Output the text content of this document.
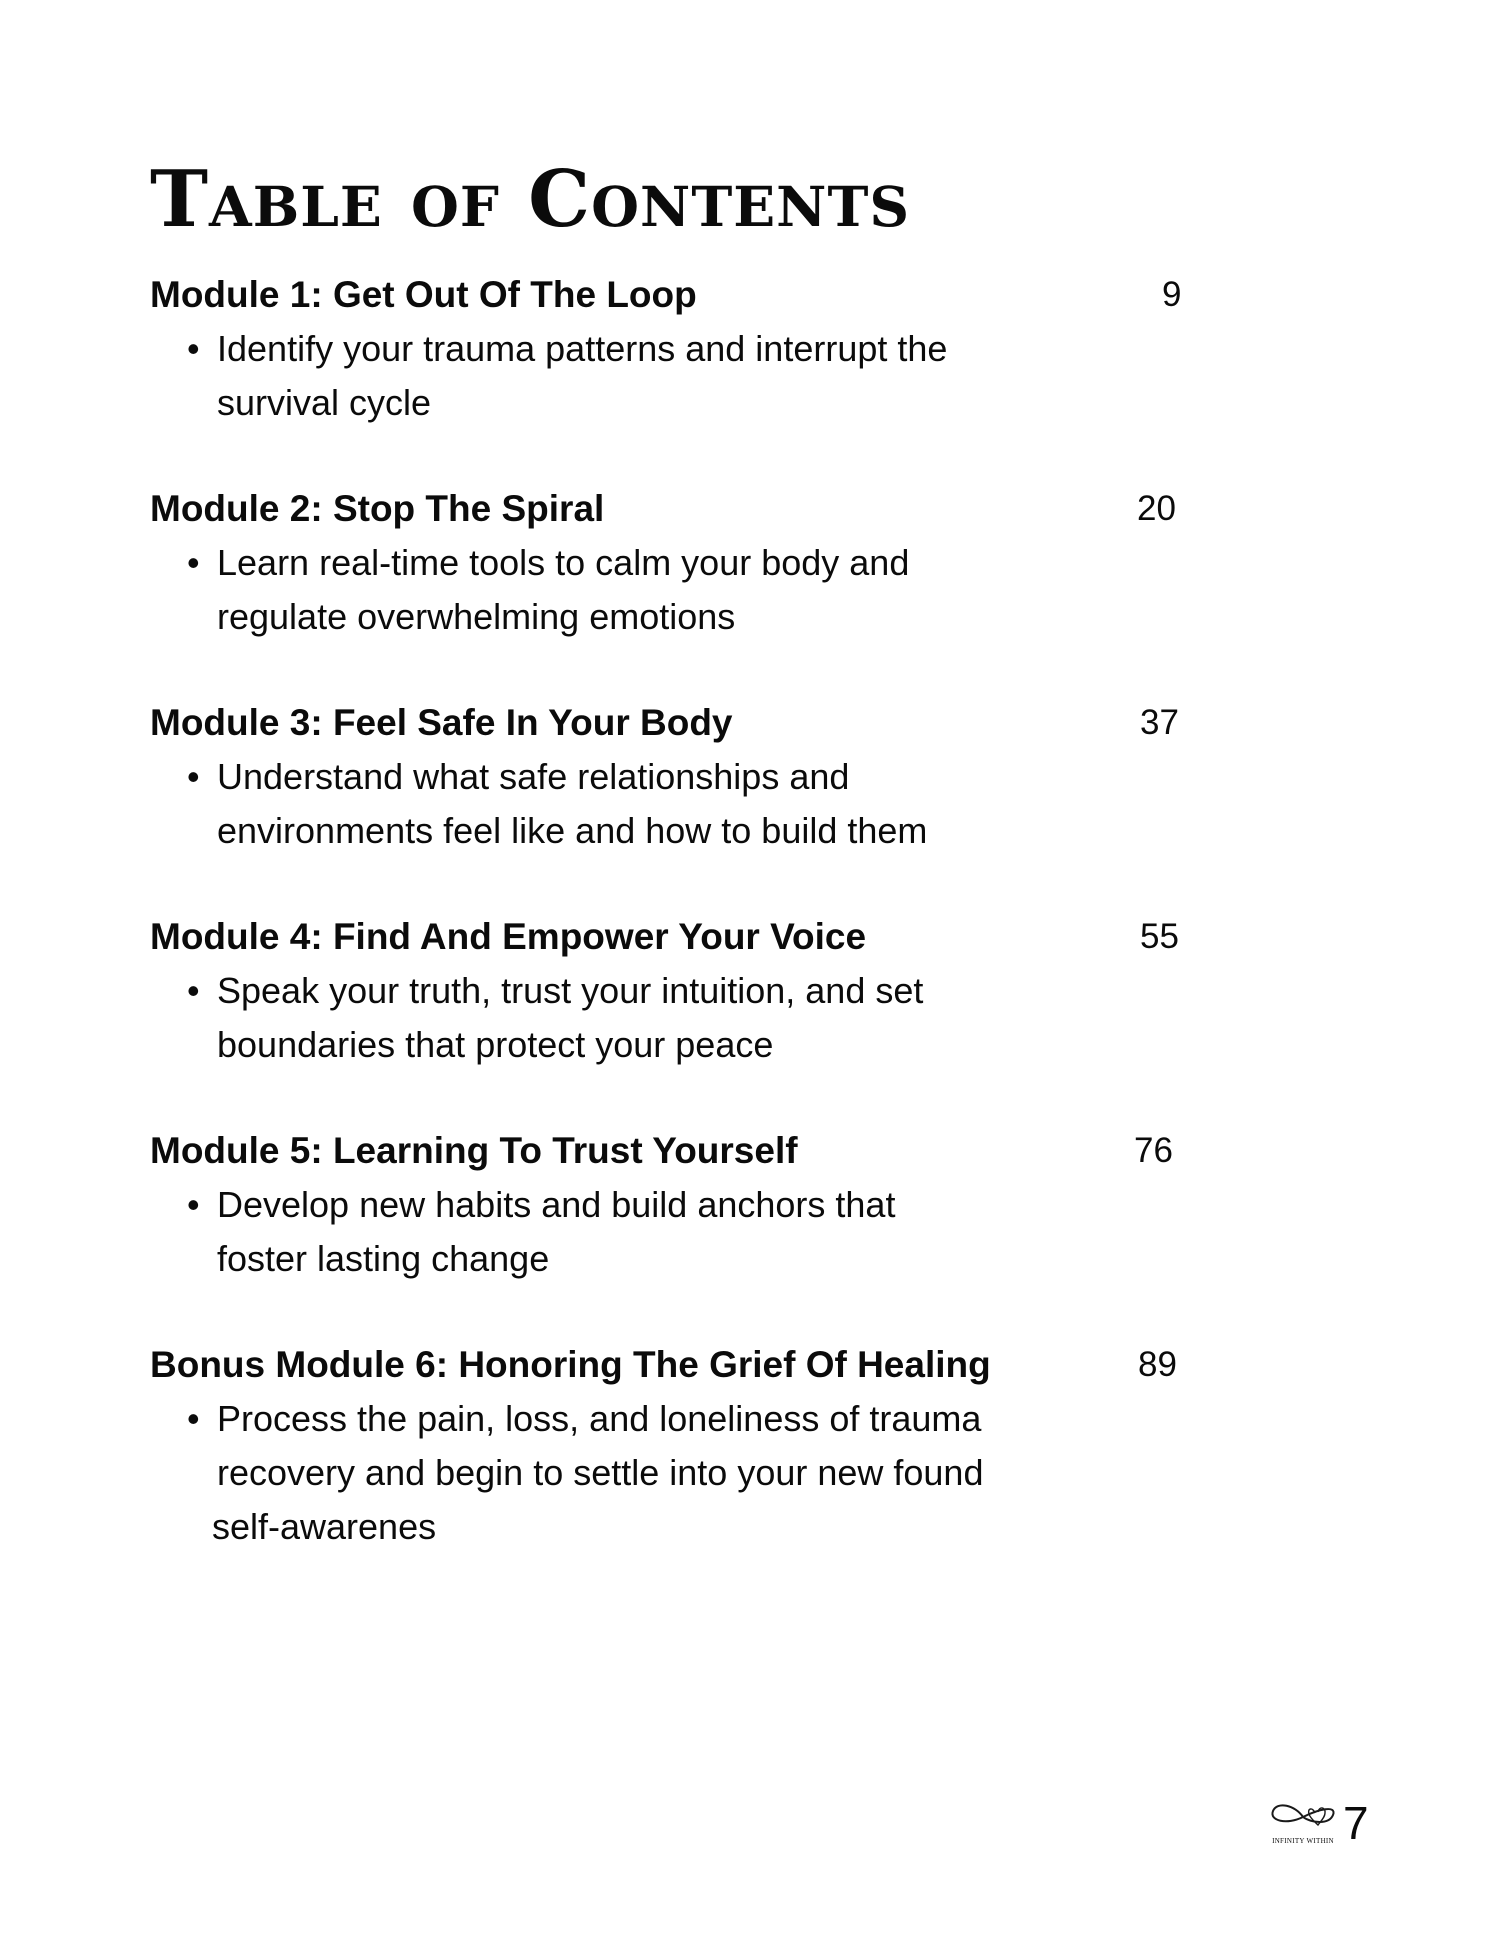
Table of Contents
Module 1: Get Out Of The Loop	9
• Identify your trauma patterns and interrupt the
survival cycle
Module 2: Stop The Spiral	20
• Learn real-time tools to calm your body and
regulate overwhelming emotions
Module 3: Feel Safe In Your Body	37
• Understand what safe relationships and
environments feel like and how to build them
Module 4: Find And Empower Your Voice	55
• Speak your truth, trust your intuition, and set
boundaries that protect your peace
Module 5: Learning To Trust Yourself	76
• Develop new habits and build anchors that
foster lasting change
Bonus Module 6: Honoring The Grief Of Healing	89
• Process the pain, loss, and loneliness of trauma
recovery and begin to settle into your new found
self-awarenes
INFINITY WITHIN 7
